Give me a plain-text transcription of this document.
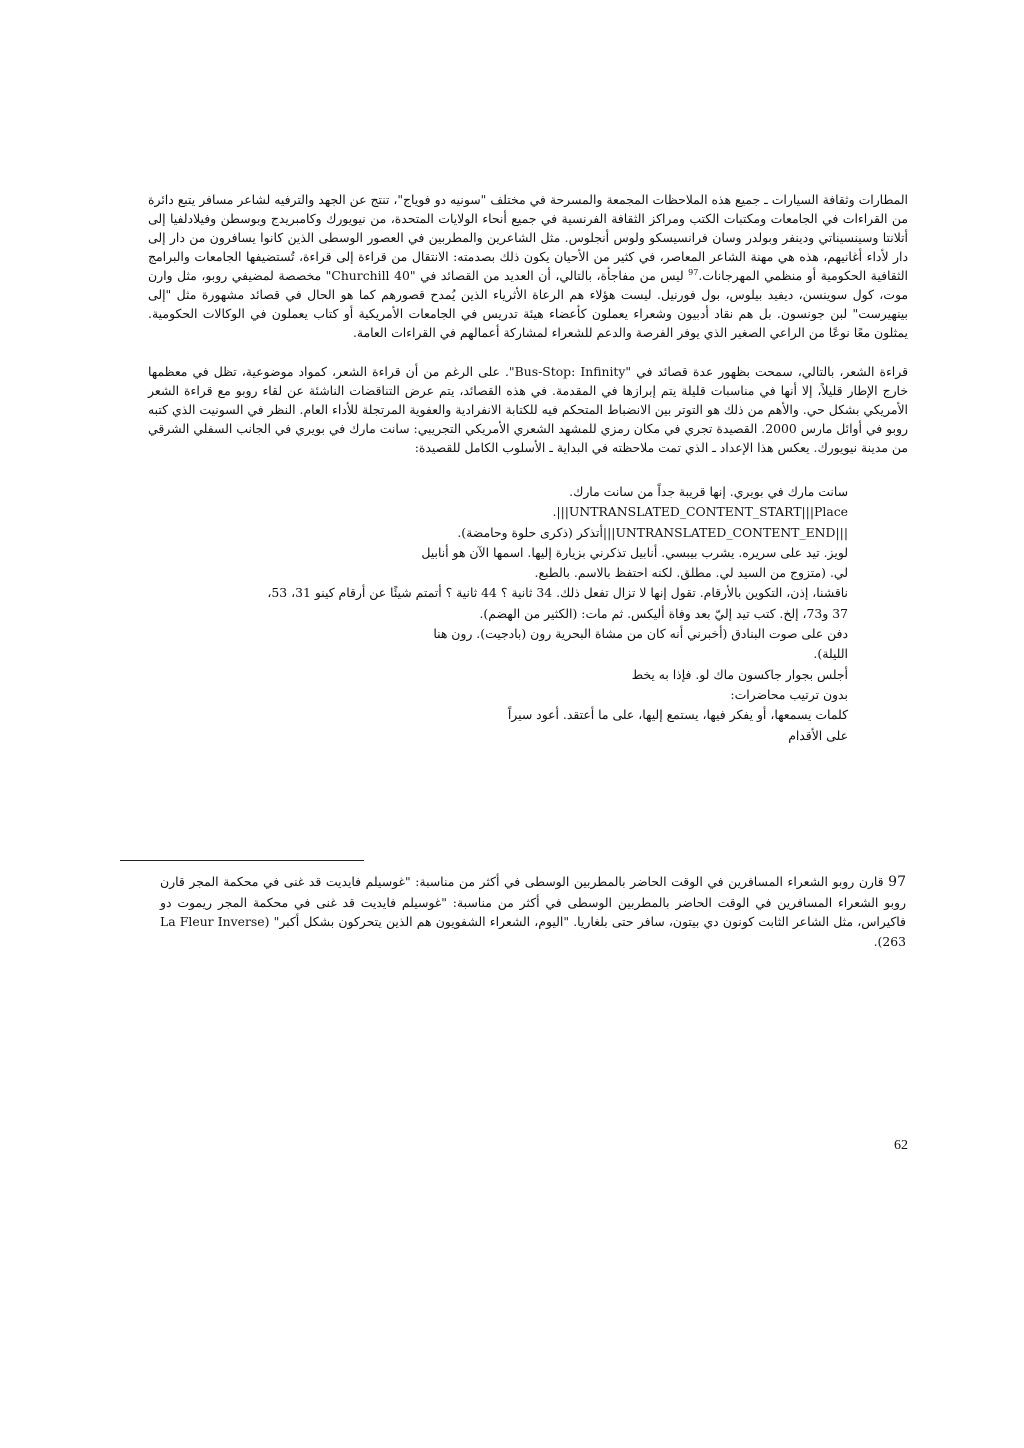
المطارات وثقافة السيارات ـ جميع هذه الملاحظات المجمعة والمسرحة في مختلف "سونيه دو فوياج"، تنتج عن الجهد والترفيه لشاعر مسافر يتبع دائرة من القراءات في الجامعات ومكتبات الكتب ومراكز الثقافة الفرنسية في جميع أنحاء الولايات المتحدة، من نيويورك وكامبريدج وبوسطن وفيلادلفيا إلى أتلانتا وسينسيناتي ودينفر وبولدر وسان فرانسيسكو ولوس أنجلوس. مثل الشاعرين والمطربين في العصور الوسطى الذين كانوا يسافرون من دار إلى دار لأداء أغانيهم، هذه هي مهنة الشاعر المعاصر، في كثير من الأحيان يكون ذلك بصدمته: الانتقال من قراءة إلى قراءة، تُستضيفها الجامعات والبرامج الثقافية الحكومية أو منظمي المهرجانات.$^{97}$ ليس من مفاجأة، بالتالي، أن العديد من القصائد في "Churchill 40" مخصصة لمضيفي روبو، مثل وارن موت، كول سوينسن، ديفيد بيلوس، بول فورنيل. ليست هؤلاء هم الرعاة الأثرياء الذين يُمدح قصورهم كما هو الحال في قصائد مشهورة مثل "إلى بينهيرست" لبن جونسون. بل هم نقاد أدبيون وشعراء يعملون كأعضاء هيئة تدريس في الجامعات الأمريكية أو كتاب يعملون في الوكالات الحكومية. يمثلون معًا نوعًا من الراعي الصغير الذي يوفر الفرصة والدعم للشعراء لمشاركة أعمالهم في القراءات العامة.

قراءة الشعر، بالتالي، سمحت بظهور عدة قصائد في "Bus-Stop: Infinity". على الرغم من أن قراءة الشعر، كمواد موضوعية، تظل في معظمها خارج الإطار قليلاً، إلا أنها في مناسبات قليلة يتم إبرازها في المقدمة. في هذه القصائد، يتم عرض التناقضات الناشئة عن لقاء روبو مع قراءة الشعر الأمريكي بشكل حي. والأهم من ذلك هو التوتر بين الانضباط المتحكم فيه للكتابة الانفرادية والعفوية المرتجلة للأداء العام. النظر في السونيت الذي كتبه روبو في أوائل مارس 2000. القصيدة تجري في مكان رمزي للمشهد الشعري الأمريكي التجريبي: سانت مارك في بويري في الجانب السفلي الشرقي من مدينة نيويورك. يعكس هذا الإعداد ـ الذي تمت ملاحظته في البداية ـ الأسلوب الكامل للقصيدة:

سانت مارك في بويري. إنها قريبة جداً من سانت مارك.
UNTRANSLATED_CONTENT_START|||Place|||.
|||UNTRANSLATED_CONTENT_END|||أتذكر (ذكرى حلوة وحامضة).
لويز. تيد على سريره. يشرب بيبسي. أنابيل تذكرني بزيارة إليها. اسمها الآن هو أنابيل
لي. (متزوج من السيد لي. مطلق. لكنه احتفظ بالاسم. بالطبع.
ناقشنا، إذن، التكوين بالأرقام. تقول إنها لا تزال تفعل ذلك. 34 ثانية ؟ 44 ثانية ؟ أتمتم شيئًا عن أرقام كينو 31، 53،
37 و73، إلخ. كتب تيد إليّ بعد وفاة أليكس. ثم مات: (الكثير من الهضم).
دفن على صوت البنادق (أخبرني أنه كان من مشاة البحرية رون (بادجيت). رون هنا
الليلة).
أجلس بجوار جاكسون ماك لو. فإذا به يخط
بدون ترتيب محاضرات:
كلمات يسمعها، أو يفكر فيها، يستمع إليها، على ما أعتقد. أعود سيراً
على الأقدام
97 قارن روبو الشعراء المسافرين في الوقت الحاضر بالمطربين الوسطى في أكثر من مناسبة: "غوسيلم فايديت قد غنى في محكمة المجر قارن روبو الشعراء المسافرين في الوقت الحاضر بالمطربين الوسطى في أكثر من مناسبة: "غوسيلم فايديت قد غنى في محكمة المجر ريموت دو فاكيراس، مثل الشاعر الثابت كونون دي بيتون، سافر حتى بلغاريا. "اليوم، الشعراء الشفويون هم الذين يتحركون بشكل أكبر" (La Fleur Inverse 263).
62
